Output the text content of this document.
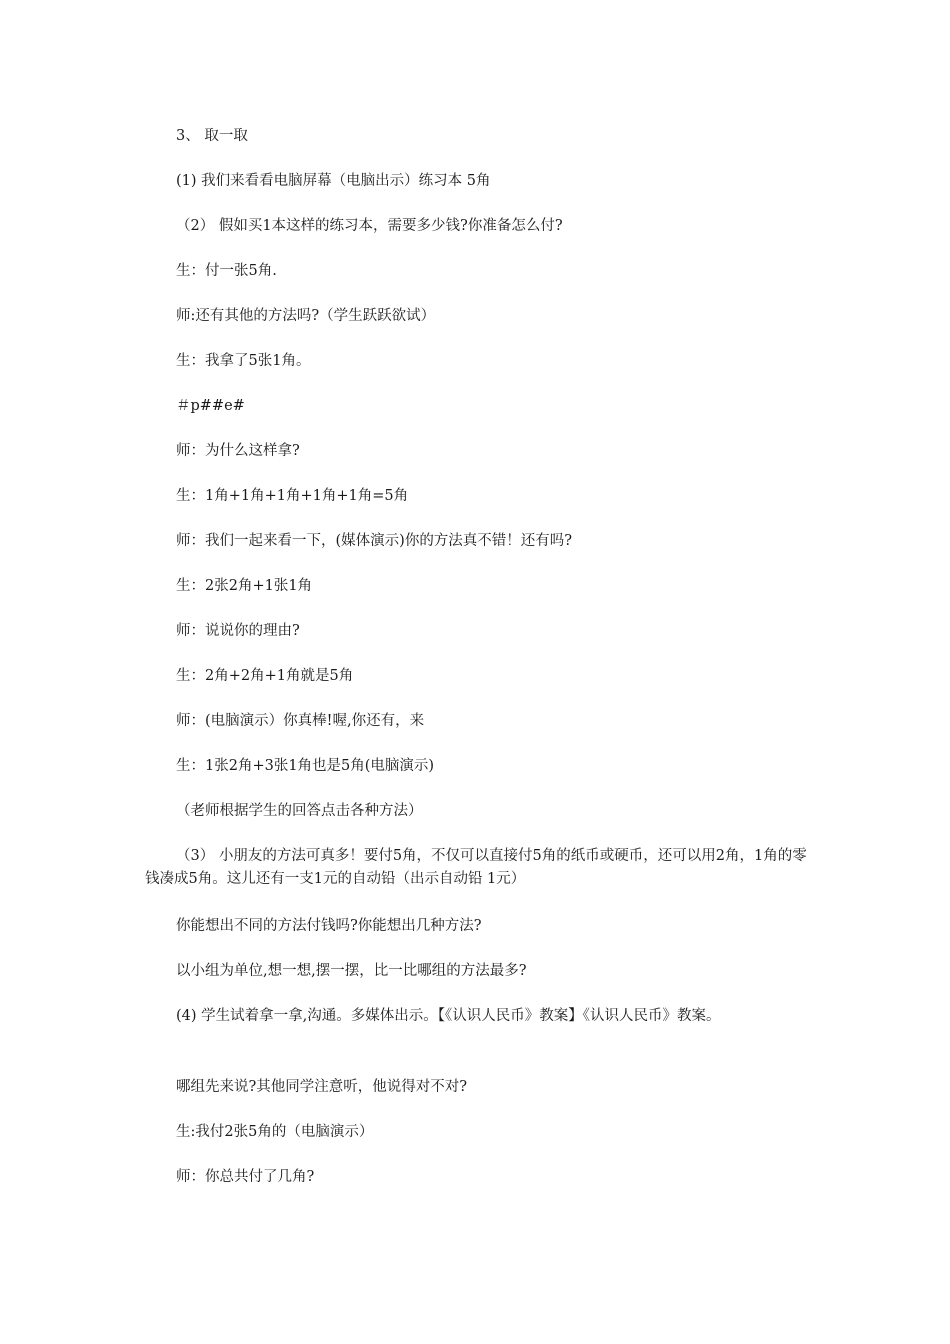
3、 取一取

(1) 我们来看看电脑屏幕（电脑出示）练习本 5角

（2） 假如买1本这样的练习本，需要多少钱?你准备怎么付?

生：付一张5角.

师:还有其他的方法吗?（学生跃跃欲试）

生：我拿了5张1角。

＃p##e#

师：为什么这样拿?

生：1角+1角+1角+1角+1角=5角

师：我们一起来看一下，(媒体演示)你的方法真不错！还有吗?

生：2张2角+1张1角

师：说说你的理由?

生：2角+2角+1角就是5角

师：(电脑演示）你真棒!喔,你还有，来

生：1张2角+3张1角也是5角(电脑演示)

（老师根据学生的回答点击各种方法）

（3） 小朋友的方法可真多！要付5角，不仅可以直接付5角的纸币或硬币，还可以用2角，1角的零钱凑成5角。这儿还有一支1元的自动铅（出示自动铅 1元）

你能想出不同的方法付钱吗?你能想出几种方法?

以小组为单位,想一想,摆一摆，比一比哪组的方法最多?

(4) 学生试着拿一拿,沟通。多媒体出示。【《认识人民币》教案】《认识人民币》教案。

哪组先来说?其他同学注意听，他说得对不对?

生:我付2张5角的（电脑演示）

师：你总共付了几角?
